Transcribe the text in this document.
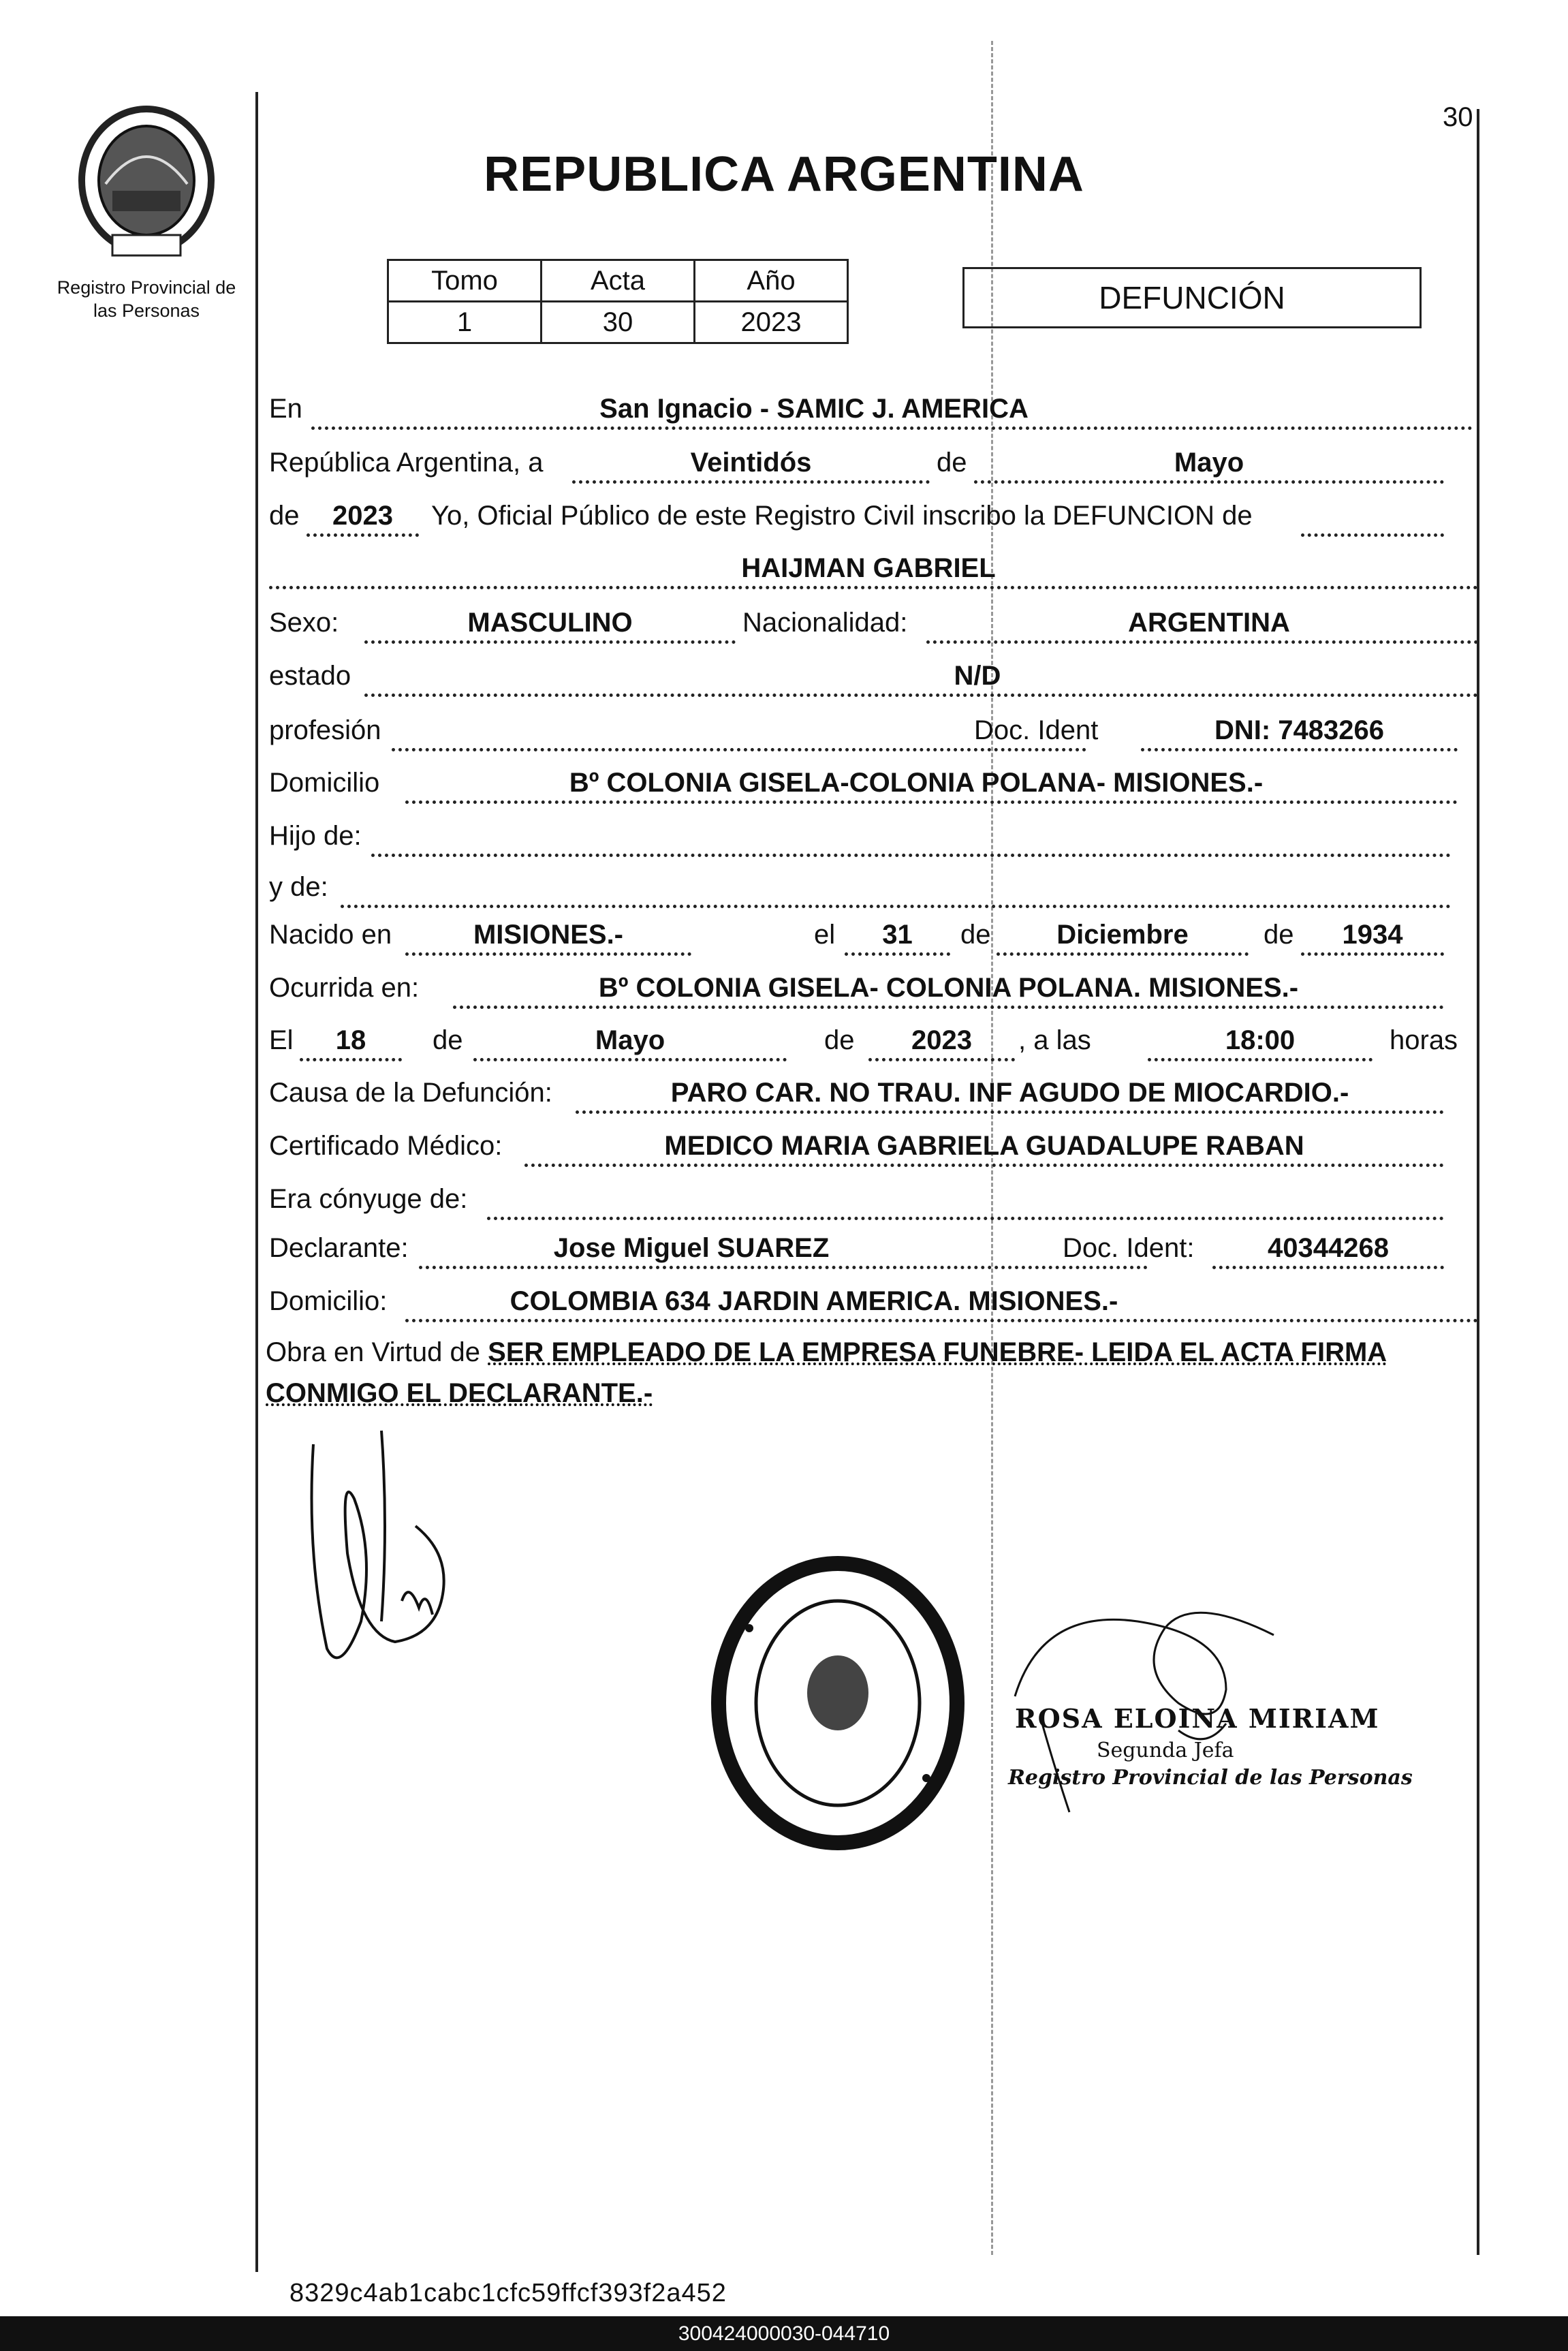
30
REPUBLICA ARGENTINA
Registro Provincial de
las Personas
Tomo	Acta	Año
1	30	2023
DEFUNCIÓN
En	San Ignacio - SAMIC J. AMERICA
República Argentina, a	Veintidós	de	Mayo
de	2023	Yo, Oficial Público de este Registro Civil inscribo la DEFUNCION de
HAIJMAN GABRIEL
Sexo:	MASCULINO	Nacionalidad:	ARGENTINA
estado	N/D
profesión	Doc. Ident	DNI: 7483266
Domicilio	Bº COLONIA GISELA-COLONIA POLANA- MISIONES.-
Hijo de:
y de:
Nacido en	MISIONES.-	el	31	de	Diciembre	de	1934
Ocurrida en:	Bº COLONIA GISELA- COLONIA POLANA. MISIONES.-
El	18	de	Mayo	de	2023	, a las	18:00	horas
Causa de la Defunción:	PARO CAR. NO TRAU. INF AGUDO DE MIOCARDIO.-
Certificado Médico:	MEDICO MARIA GABRIELA GUADALUPE RABAN
Era cónyuge de:
Declarante:	Jose Miguel SUAREZ	Doc. Ident:	40344268
Domicilio:	COLOMBIA 634 JARDIN AMERICA. MISIONES.-
Obra en Virtud de SER EMPLEADO DE LA EMPRESA FUNEBRE- LEIDA EL ACTA FIRMA CONMIGO EL DECLARANTE.-
ROSA ELOINA MIRIAM
Segunda Jefa
Registro Provincial de las Personas
8329c4ab1cabc1cfc59ffcf393f2a452
300424000030-044710
